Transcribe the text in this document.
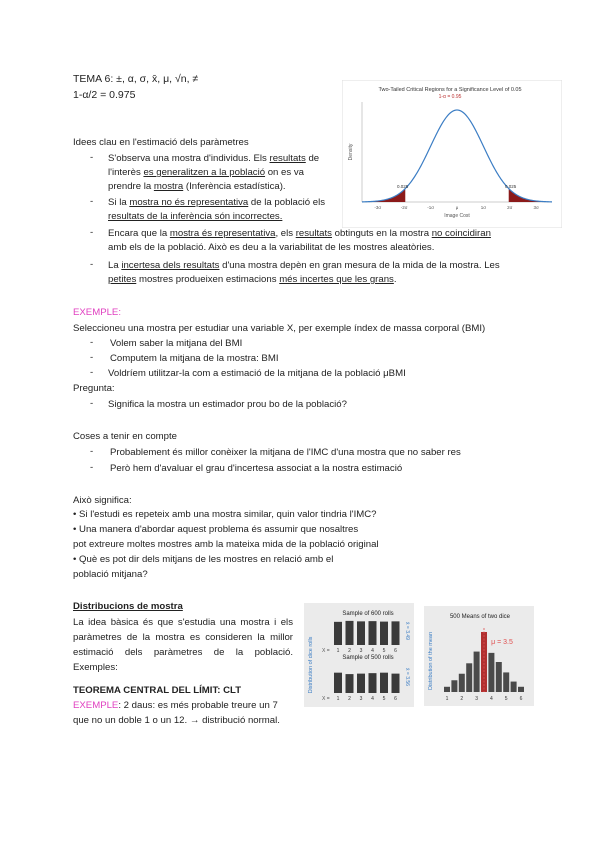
TEMA 6: ±, α, σ, x̄, μ, √n, ≠
1-α/2 = 0.975	Two-Tailed Critical Regions for a Significance Level of 0.05
1-α = 0.95
0.025	0.025
-3σ	-2σ	-1σ	μ	1σ	2σ	3σ
Image Cost
Density
Idees clau en l'estimació dels paràmetres
- S'observa una mostra d'individus. Els resultats de
l'interès es generalitzen a la població on es va
prendre la mostra (Inferència estadística).
- Si la mostra no és representativa de la població els
resultats de la inferència són incorrectes.
- Encara que la mostra és representativa, els resultats obtinguts en la mostra no coincidiran
amb els de la població. Això es deu a la variabilitat de les mostres aleatòries.
- La incertesa dels resultats d'una mostra depèn en gran mesura de la mida de la mostra. Les
petites mostres produeixen estimacions més incertes que les grans.
EXEMPLE:
Seleccioneu una mostra per estudiar una variable X, per exemple índex de massa corporal (BMI)
- Volem saber la mitjana del BMI
- Computem la mitjana de la mostra: BMI
- Voldríem utilitzar-la com a estimació de la mitjana de la població μBMI
Pregunta:
- Significa la mostra un estimador prou bo de la població?
Coses a tenir en compte
- Probablement és millor conèixer la mitjana de l'IMC d'una mostra que no saber res
- Però hem d'avaluar el grau d'incertesa associat a la nostra estimació
Això significa:
• Si l'estudi es repeteix amb una mostra similar, quin valor tindria l'IMC?
• Una manera d'abordar aquest problema és assumir que nosaltres
pot extreure moltes mostres amb la mateixa mida de la població original
• Què es pot dir dels mitjans de les mostres en relació amb el
població mitjana?
Distribucions de mostra
La idea bàsica és que s'estudia una mostra i els
paràmetres de la mostra es consideren la millor
estimació dels paràmetres de la població.
Exemples:
Sample of 600 rolls
Sample of 500 rolls
Distribution of dice rolls
x̄ = 3.49
x̄ = 3.56
X =
X =
1 2 3 4 5 6
1 2 3 4 5 6
500 Means of two dice
Distribution of the mean	μ = 3.5
1 2 3 4 5 6
TEOREMA CENTRAL DEL LÍMIT: CLT
EXEMPLE: 2 daus: es més probable treure un 7
que no un doble 1 o un 12. → distribució normal.
